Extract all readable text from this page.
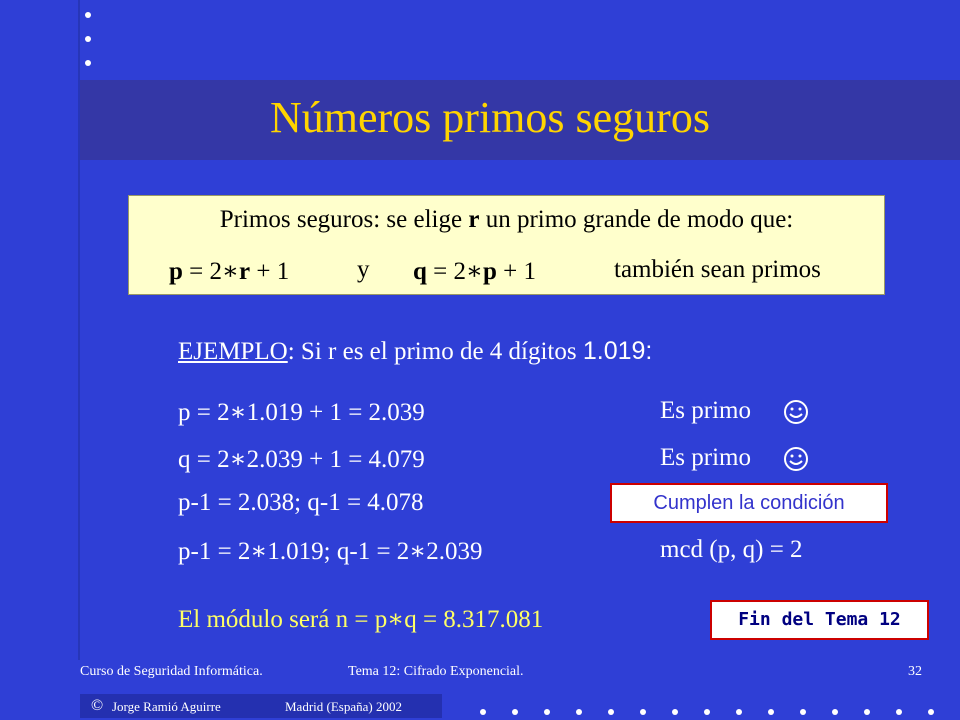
Números primos seguros
Primos seguros: se elige r un primo grande de modo que:
p = 2∗r + 1	y q = 2∗p + 1	también sean primos
EJEMPLO: Si r es el primo de 4 dígitos 1.019:
p = 2∗1.019 + 1 = 2.039	Es primo
q = 2∗2.039 + 1 = 4.079	Es primo
p-1 = 2.038; q-1 = 4.078	Cumplen la condición
p-1 = 2∗1.019; q-1 = 2∗2.039	mcd (p, q) = 2
El módulo será n = p∗q = 8.317.081	Fin del Tema 12
Curso de Seguridad Informática.	Tema 12: Cifrado Exponencial.	32
© Jorge Ramió Aguirre	Madrid (España) 2002
